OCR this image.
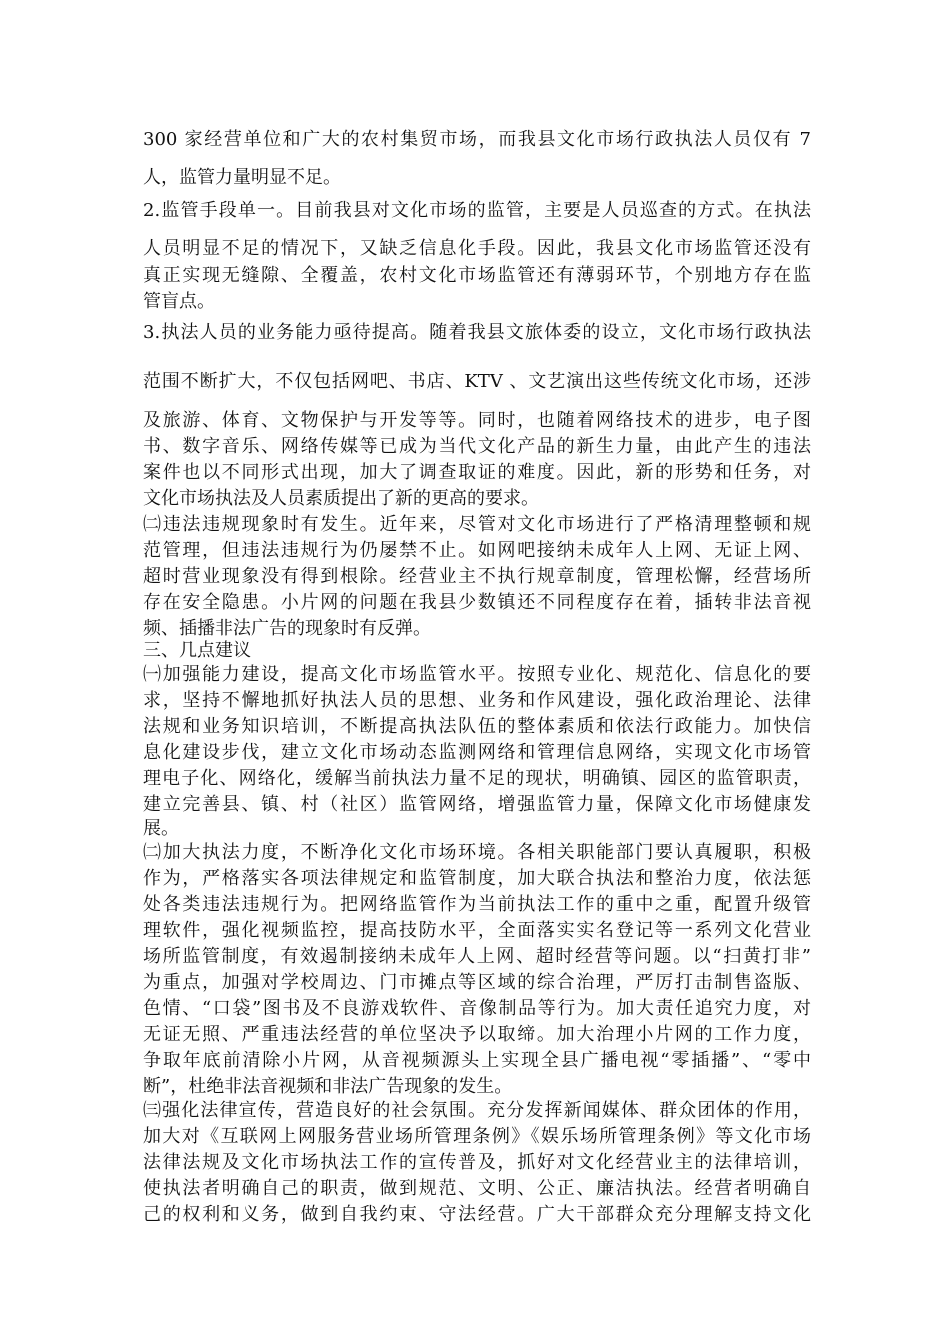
300 家经营单位和广大的农村集贸市场，而我县文化市场行政执法人员仅有 7
人，监管力量明显不足。
2.监管手段单一。目前我县对文化市场的监管，主要是人员巡查的方式。在执法
人员明显不足的情况下，又缺乏信息化手段。因此，我县文化市场监管还没有
真正实现无缝隙、全覆盖，农村文化市场监管还有薄弱环节，个别地方存在监
管盲点。
3.执法人员的业务能力亟待提高。随着我县文旅体委的设立，文化市场行政执法
范围不断扩大，不仅包括网吧、书店、KTV 、文艺演出这些传统文化市场，还涉
及旅游、体育、文物保护与开发等等。同时，也随着网络技术的进步，电子图
书、数字音乐、网络传媒等已成为当代文化产品的新生力量，由此产生的违法
案件也以不同形式出现，加大了调查取证的难度。因此，新的形势和任务，对
文化市场执法及人员素质提出了新的更高的要求。
㈡违法违规现象时有发生。近年来，尽管对文化市场进行了严格清理整顿和规
范管理，但违法违规行为仍屡禁不止。如网吧接纳未成年人上网、无证上网、
超时营业现象没有得到根除。经营业主不执行规章制度，管理松懈，经营场所
存在安全隐患。小片网的问题在我县少数镇还不同程度存在着，插转非法音视
频、插播非法广告的现象时有反弹。
三、几点建议
㈠加强能力建设，提高文化市场监管水平。按照专业化、规范化、信息化的要
求，坚持不懈地抓好执法人员的思想、业务和作风建设，强化政治理论、法律
法规和业务知识培训，不断提高执法队伍的整体素质和依法行政能力。加快信
息化建设步伐，建立文化市场动态监测网络和管理信息网络，实现文化市场管
理电子化、网络化，缓解当前执法力量不足的现状，明确镇、园区的监管职责，
建立完善县、镇、村（社区）监管网络，增强监管力量，保障文化市场健康发
展。
㈡加大执法力度，不断净化文化市场环境。各相关职能部门要认真履职，积极
作为，严格落实各项法律规定和监管制度，加大联合执法和整治力度，依法惩
处各类违法违规行为。把网络监管作为当前执法工作的重中之重，配置升级管
理软件，强化视频监控，提高技防水平，全面落实实名登记等一系列文化营业
场所监管制度，有效遏制接纳未成年人上网、超时经营等问题。以“扫黄打非”
为重点，加强对学校周边、门市摊点等区域的综合治理，严厉打击制售盗版、
色情、“口袋”图书及不良游戏软件、音像制品等行为。加大责任追究力度，对
无证无照、严重违法经营的单位坚决予以取缔。加大治理小片网的工作力度，
争取年底前清除小片网，从音视频源头上实现全县广播电视“零插播”、“零中
断”，杜绝非法音视频和非法广告现象的发生。
㈢强化法律宣传，营造良好的社会氛围。充分发挥新闻媒体、群众团体的作用，
加大对《互联网上网服务营业场所管理条例》《娱乐场所管理条例》等文化市场
法律法规及文化市场执法工作的宣传普及，抓好对文化经营业主的法律培训，
使执法者明确自己的职责，做到规范、文明、公正、廉洁执法。经营者明确自
己的权利和义务，做到自我约束、守法经营。广大干部群众充分理解支持文化
